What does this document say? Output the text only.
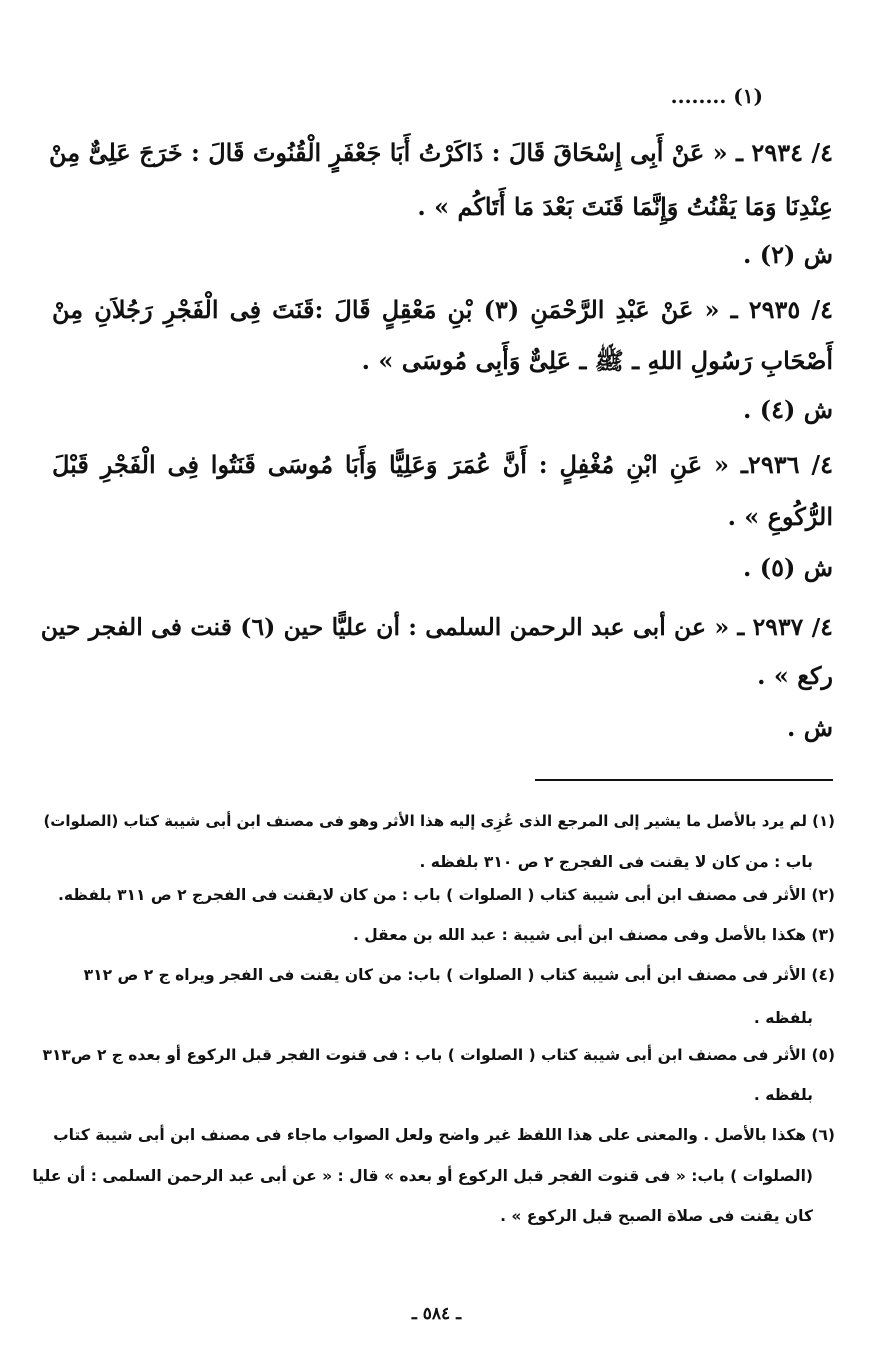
(١) ........
٤/ ٢٩٣٤ ـ « عَنْ أَبِى إِسْحَاقَ قَالَ : ذَاكَرْتُ أَبَا جَعْفَرٍ الْقُنُوتَ قَالَ : خَرَجَ عَلِىٌّ مِنْ
عِنْدِنَا وَمَا يَقْنُتُ وَإِنَّمَا قَنَتَ بَعْدَ مَا أَتَاكُم » .
ش (٢) .
٤/ ٢٩٣٥ ـ « عَنْ عَبْدِ الرَّحْمَنِ (٣) بْنِ مَعْقِلٍ قَالَ :قَنَتَ فِى الْفَجْرِ رَجُلاَنِ مِنْ
أَصْحَابِ رَسُولِ اللهِ ـ ﷺ ـ عَلِىٌّ وَأَبِى مُوسَى » .
ش (٤) .
٤/ ٢٩٣٦ـ « عَنِ ابْنِ مُغْفِلٍ : أَنَّ عُمَرَ وَعَلِيًّا وَأَبَا مُوسَى قَنَتُوا فِى الْفَجْرِ قَبْلَ
الرُّكُوعِ » .
ش (٥) .
٤/ ٢٩٣٧ ـ « عن أبى عبد الرحمن السلمى : أن عليًّا حين (٦) قنت فى الفجر حين
ركع » .
ش .
(١) لم يرد بالأصل ما يشير إلى المرجع الذى عُزِى إليه هذا الأثر وهو فى مصنف ابن أبى شيبة كتاب (الصلوات)
باب : من كان لا يقنت فى الفجرج ٢ ص ٣١٠ بلفظه .
(٢) الأثر فى مصنف ابن أبى شيبة كتاب ( الصلوات ) باب : من كان لايقنت فى الفجرج ٢ ص ٣١١ بلفظه.
(٣) هكذا بالأصل وفى مصنف ابن أبى شيبة : عبد الله بن معقل .
(٤) الأثر فى مصنف ابن أبى شيبة كتاب ( الصلوات ) باب: من كان يقنت فى الفجر ويراه ج ٢ ص ٣١٢
بلفظه .
(٥) الأثر فى مصنف ابن أبى شيبة كتاب ( الصلوات ) باب : فى قنوت الفجر قبل الركوع أو بعده ج ٢ ص٣١٣
بلفظه .
(٦) هكذا بالأصل . والمعنى على هذا اللفظ غير واضح ولعل الصواب ماجاء فى مصنف ابن أبى شيبة كتاب
(الصلوات ) باب: « فى قنوت الفجر قبل الركوع أو بعده » قال : « عن أبى عبد الرحمن السلمى : أن عليا
كان يقنت فى صلاة الصبح قبل الركوع » .
ـ ٥٨٤ ـ
